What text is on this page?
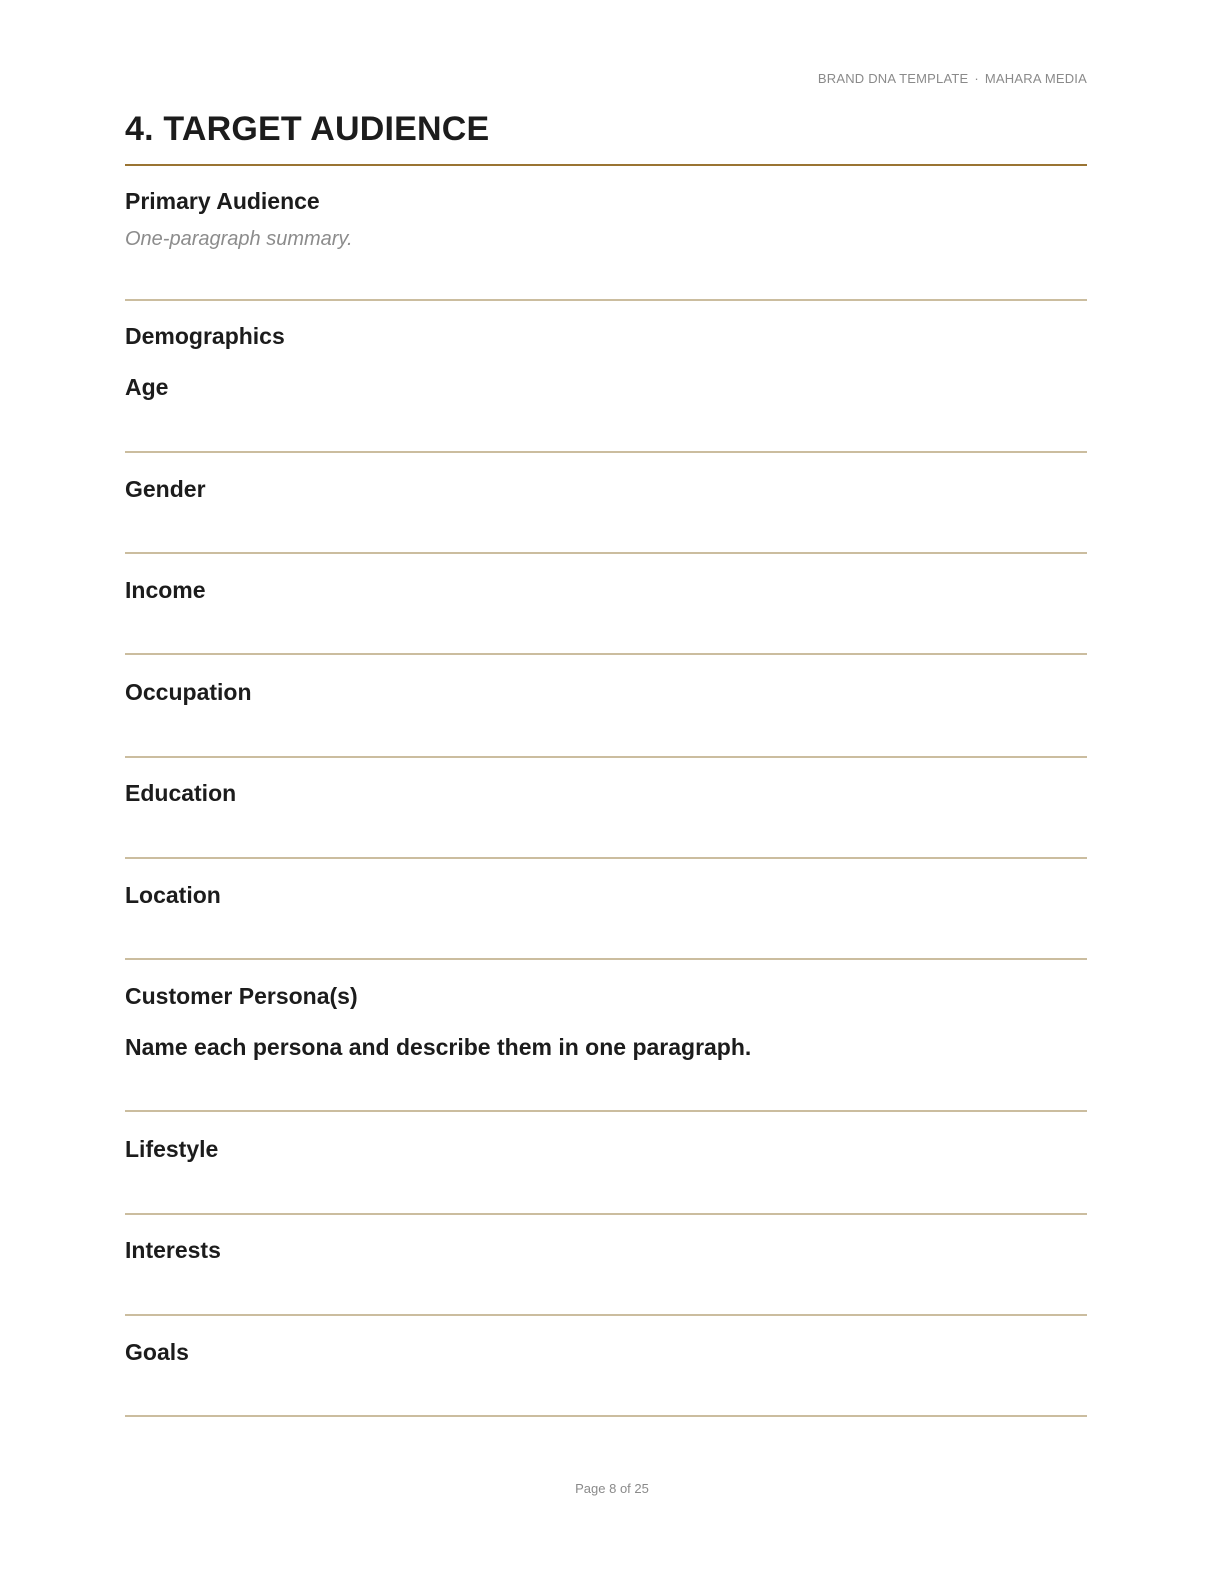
BRAND DNA TEMPLATE · MAHARA MEDIA
4. TARGET AUDIENCE
Primary Audience

One-paragraph summary.

Demographics
Age
Gender
Income
Occupation
Education
Location
Customer Persona(s)

Name each persona and describe them in one paragraph.

Lifestyle
Interests
Goals
Page 8 of 25
